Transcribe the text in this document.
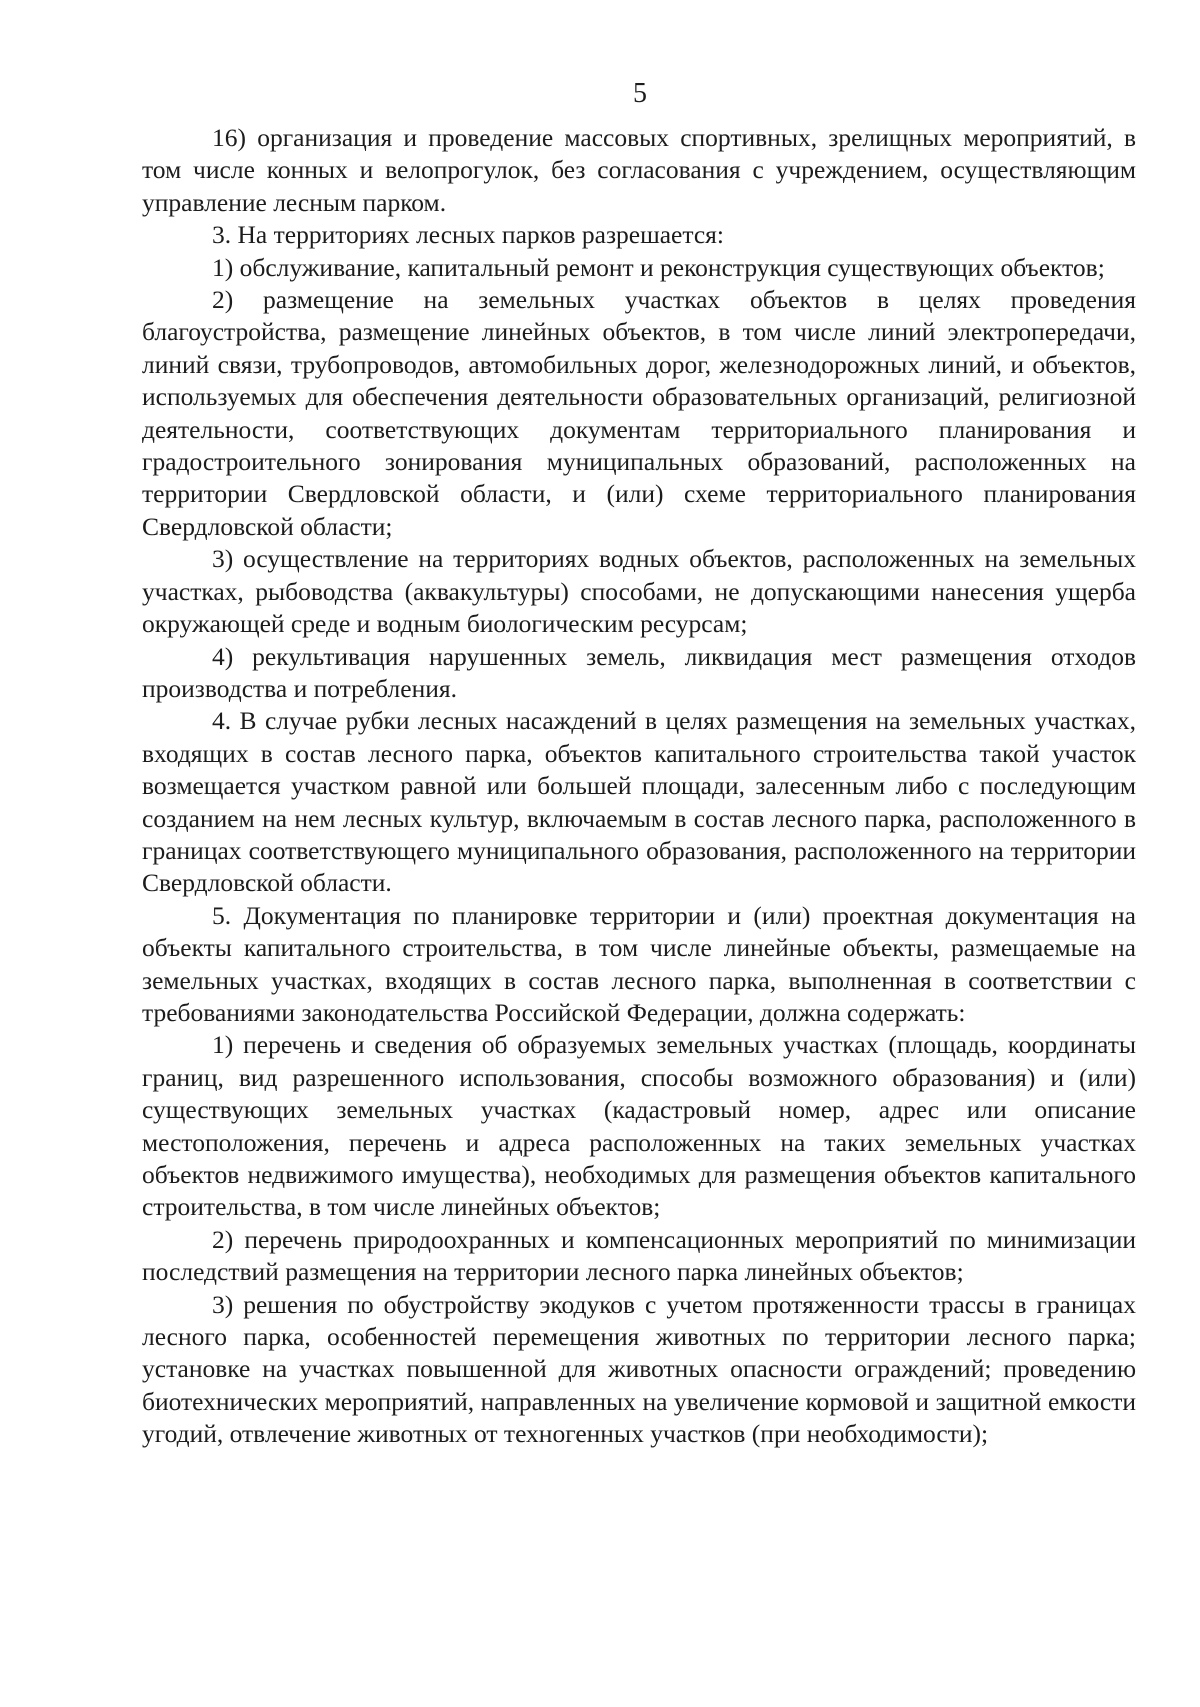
5

16) организация и проведение массовых спортивных, зрелищных мероприятий, в том числе конных и велопрогулок, без согласования с учреждением, осуществляющим управление лесным парком.

3. На территориях лесных парков разрешается:

1) обслуживание, капитальный ремонт и реконструкция существующих объектов;

2) размещение на земельных участках объектов в целях проведения благоустройства, размещение линейных объектов, в том числе линий электропередачи, линий связи, трубопроводов, автомобильных дорог, железнодорожных линий, и объектов, используемых для обеспечения деятельности образовательных организаций, религиозной деятельности, соответствующих документам территориального планирования и градостроительного зонирования муниципальных образований, расположенных на территории Свердловской области, и (или) схеме территориального планирования Свердловской области;

3) осуществление на территориях водных объектов, расположенных на земельных участках, рыбоводства (аквакультуры) способами, не допускающими нанесения ущерба окружающей среде и водным биологическим ресурсам;

4) рекультивация нарушенных земель, ликвидация мест размещения отходов производства и потребления.

4. В случае рубки лесных насаждений в целях размещения на земельных участках, входящих в состав лесного парка, объектов капитального строительства такой участок возмещается участком равной или большей площади, залесенным либо с последующим созданием на нем лесных культур, включаемым в состав лесного парка, расположенного в границах соответствующего муниципального образования, расположенного на территории Свердловской области.

5. Документация по планировке территории и (или) проектная документация на объекты капитального строительства, в том числе линейные объекты, размещаемые на земельных участках, входящих в состав лесного парка, выполненная в соответствии с требованиями законодательства Российской Федерации, должна содержать:

1) перечень и сведения об образуемых земельных участках (площадь, координаты границ, вид разрешенного использования, способы возможного образования) и (или) существующих земельных участках (кадастровый номер, адрес или описание местоположения, перечень и адреса расположенных на таких земельных участках объектов недвижимого имущества), необходимых для размещения объектов капитального строительства, в том числе линейных объектов;

2) перечень природоохранных и компенсационных мероприятий по минимизации последствий размещения на территории лесного парка линейных объектов;

3) решения по обустройству экодуков с учетом протяженности трассы в границах лесного парка, особенностей перемещения животных по территории лесного парка; установке на участках повышенной для животных опасности ограждений; проведению биотехнических мероприятий, направленных на увеличение кормовой и защитной емкости угодий, отвлечение животных от техногенных участков (при необходимости);
